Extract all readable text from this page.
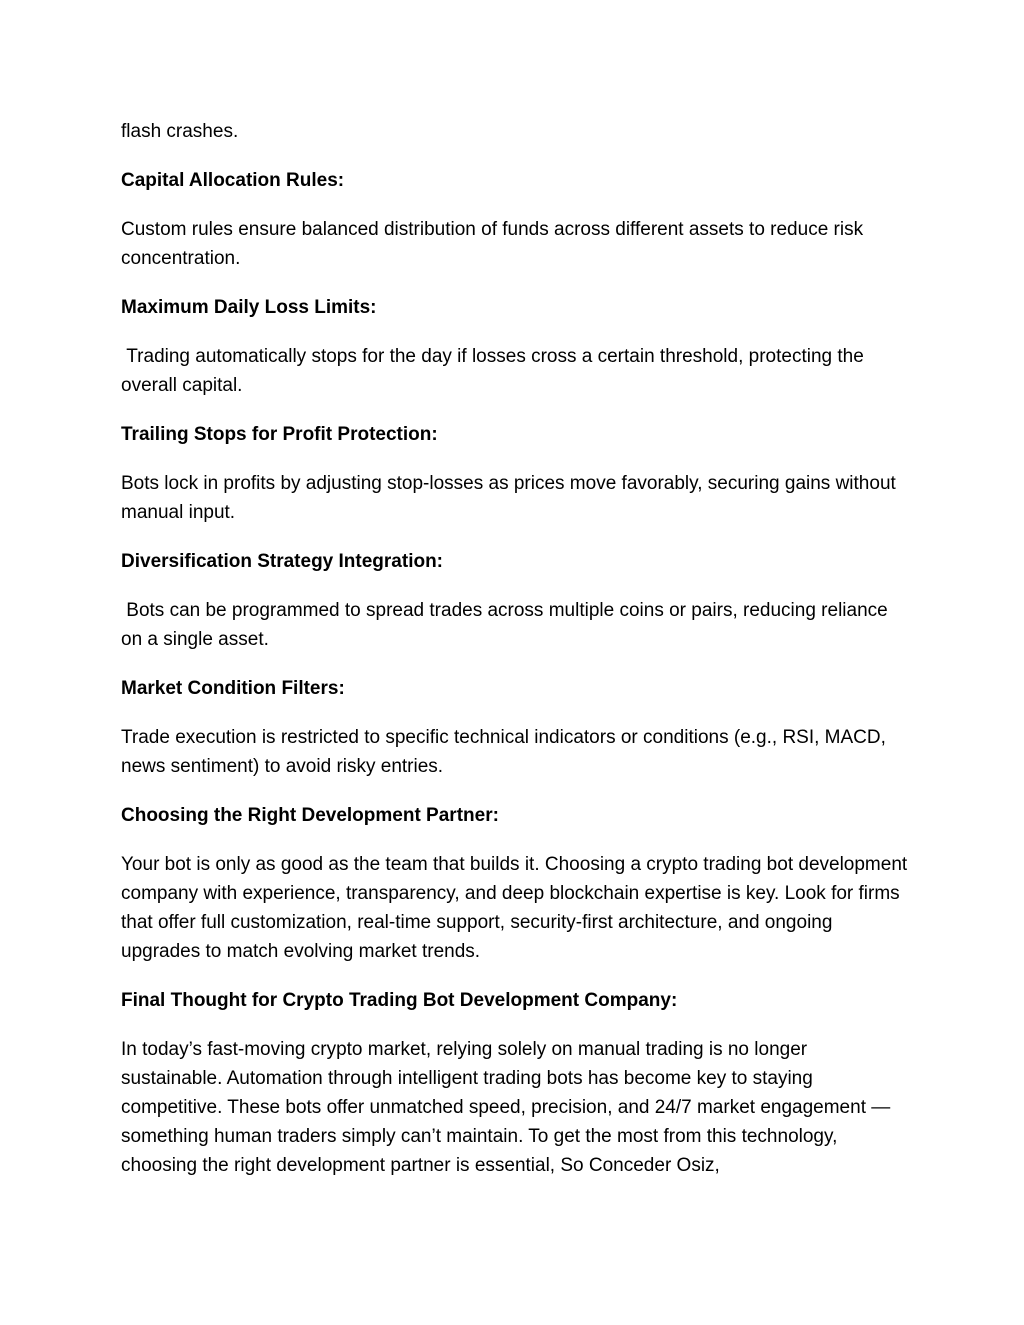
flash crashes.

Capital Allocation Rules:

Custom rules ensure balanced distribution of funds across different assets to reduce risk concentration.

Maximum Daily Loss Limits:

Trading automatically stops for the day if losses cross a certain threshold, protecting the overall capital.

Trailing Stops for Profit Protection:

Bots lock in profits by adjusting stop-losses as prices move favorably, securing gains without manual input.

Diversification Strategy Integration:

Bots can be programmed to spread trades across multiple coins or pairs, reducing reliance on a single asset.

Market Condition Filters:

Trade execution is restricted to specific technical indicators or conditions (e.g., RSI, MACD, news sentiment) to avoid risky entries.

Choosing the Right Development Partner:

Your bot is only as good as the team that builds it. Choosing a crypto trading bot development company with experience, transparency, and deep blockchain expertise is key. Look for firms that offer full customization, real-time support, security-first architecture, and ongoing upgrades to match evolving market trends.

Final Thought for Crypto Trading Bot Development Company:

In today’s fast-moving crypto market, relying solely on manual trading is no longer sustainable. Automation through intelligent trading bots has become key to staying competitive. These bots offer unmatched speed, precision, and 24/7 market engagement — something human traders simply can’t maintain. To get the most from this technology, choosing the right development partner is essential, So Conceder Osiz,
